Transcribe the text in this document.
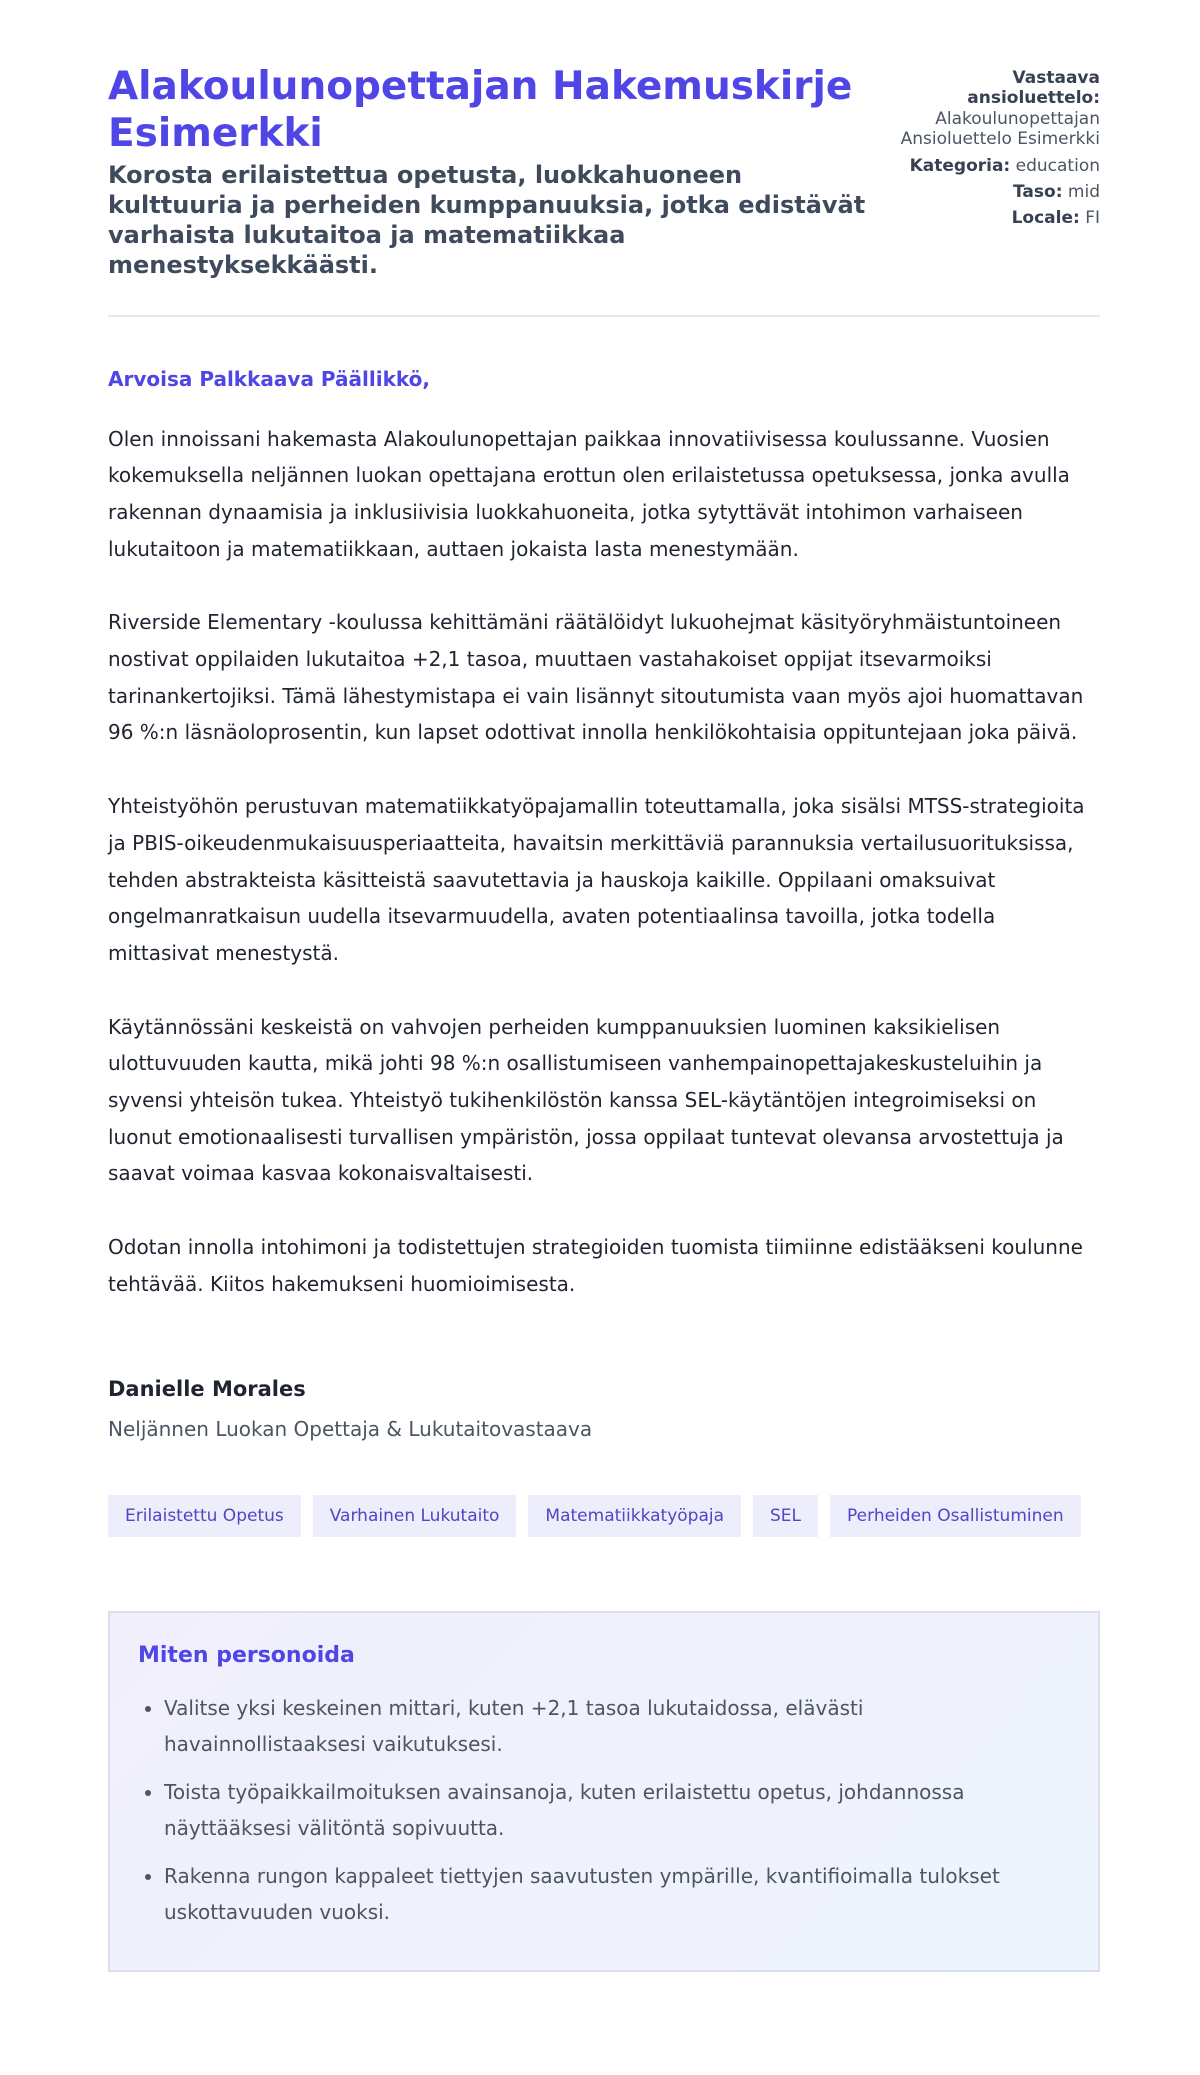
Alakoulunopettajan Hakemuskirje Esimerkki
Korosta erilaistettua opetusta, luokkahuoneen kulttuuria ja perheiden kumppanuuksia, jotka edistävät varhaista lukutaitoa ja matematiikkaa menestyksekkäästi.
Vastaava ansioluettelo:
Alakoulunopettajan Ansioluettelo Esimerkki
Kategoria: education
Taso: mid
Locale: FI
Arvoisa Palkkaava Päällikkö,

Olen innoissani hakemasta Alakoulunopettajan paikkaa innovatiivisessa koulussanne. Vuosien kokemuksella neljännen luokan opettajana erottun olen erilaistetussa opetuksessa, jonka avulla rakennan dynaamisia ja inklusiivisia luokkahuoneita, jotka sytyttävät intohimon varhaiseen lukutaitoon ja matematiikkaan, auttaen jokaista lasta menestymään.

Riverside Elementary -koulussa kehittämäni räätälöidyt lukuohejmat käsityöryhmäistuntoineen nostivat oppilaiden lukutaitoa +2,1 tasoa, muuttaen vastahakoiset oppijat itsevarmoiksi tarinankertojiksi. Tämä lähestymistapa ei vain lisännyt sitoutumista vaan myös ajoi huomattavan 96 %:n läsnäoloprosentin, kun lapset odottivat innolla henkilökohtaisia oppituntejaan joka päivä.

Yhteistyöhön perustuvan matematiikkatyöpajamallin toteuttamalla, joka sisälsi MTSS-strategioita ja PBIS-oikeudenmukaisuusperiaatteita, havaitsin merkittäviä parannuksia vertailusuorituksissa, tehden abstrakteista käsitteistä saavutettavia ja hauskoja kaikille. Oppilaani omaksuivat ongelmanratkaisun uudella itsevarmuudella, avaten potentiaalinsa tavoilla, jotka todella mittasivat menestystä.

Käytännössäni keskeistä on vahvojen perheiden kumppanuuksien luominen kaksikielisen ulottuvuuden kautta, mikä johti 98 %:n osallistumiseen vanhempainopettajakeskusteluihin ja syvensi yhteisön tukea. Yhteistyö tukihenkilöstön kanssa SEL-käytäntöjen integroimiseksi on luonut emotionaalisesti turvallisen ympäristön, jossa oppilaat tuntevat olevansa arvostettuja ja saavat voimaa kasvaa kokonaisvaltaisesti.

Odotan innolla intohimoni ja todistettujen strategioiden tuomista tiimiinne edistääkseni koulunne tehtävää. Kiitos hakemukseni huomioimisesta.

Danielle Morales
Neljännen Luokan Opettaja & Lukutaitovastaava
Erilaistettu Opetus	Varhainen Lukutaito	Matematiikkatyöpaja	SEL	Perheiden Osallistuminen
Miten personoida
• Valitse yksi keskeinen mittari, kuten +2,1 tasoa lukutaidossa, elävästi havainnollistaaksesi vaikutuksesi.
• Toista työpaikkailmoituksen avainsanoja, kuten erilaistettu opetus, johdannossa näyttääksesi välitöntä sopivuutta.
• Rakenna rungon kappaleet tiettyjen saavutusten ympärille, kvantifioimalla tulokset uskottavuuden vuoksi.
